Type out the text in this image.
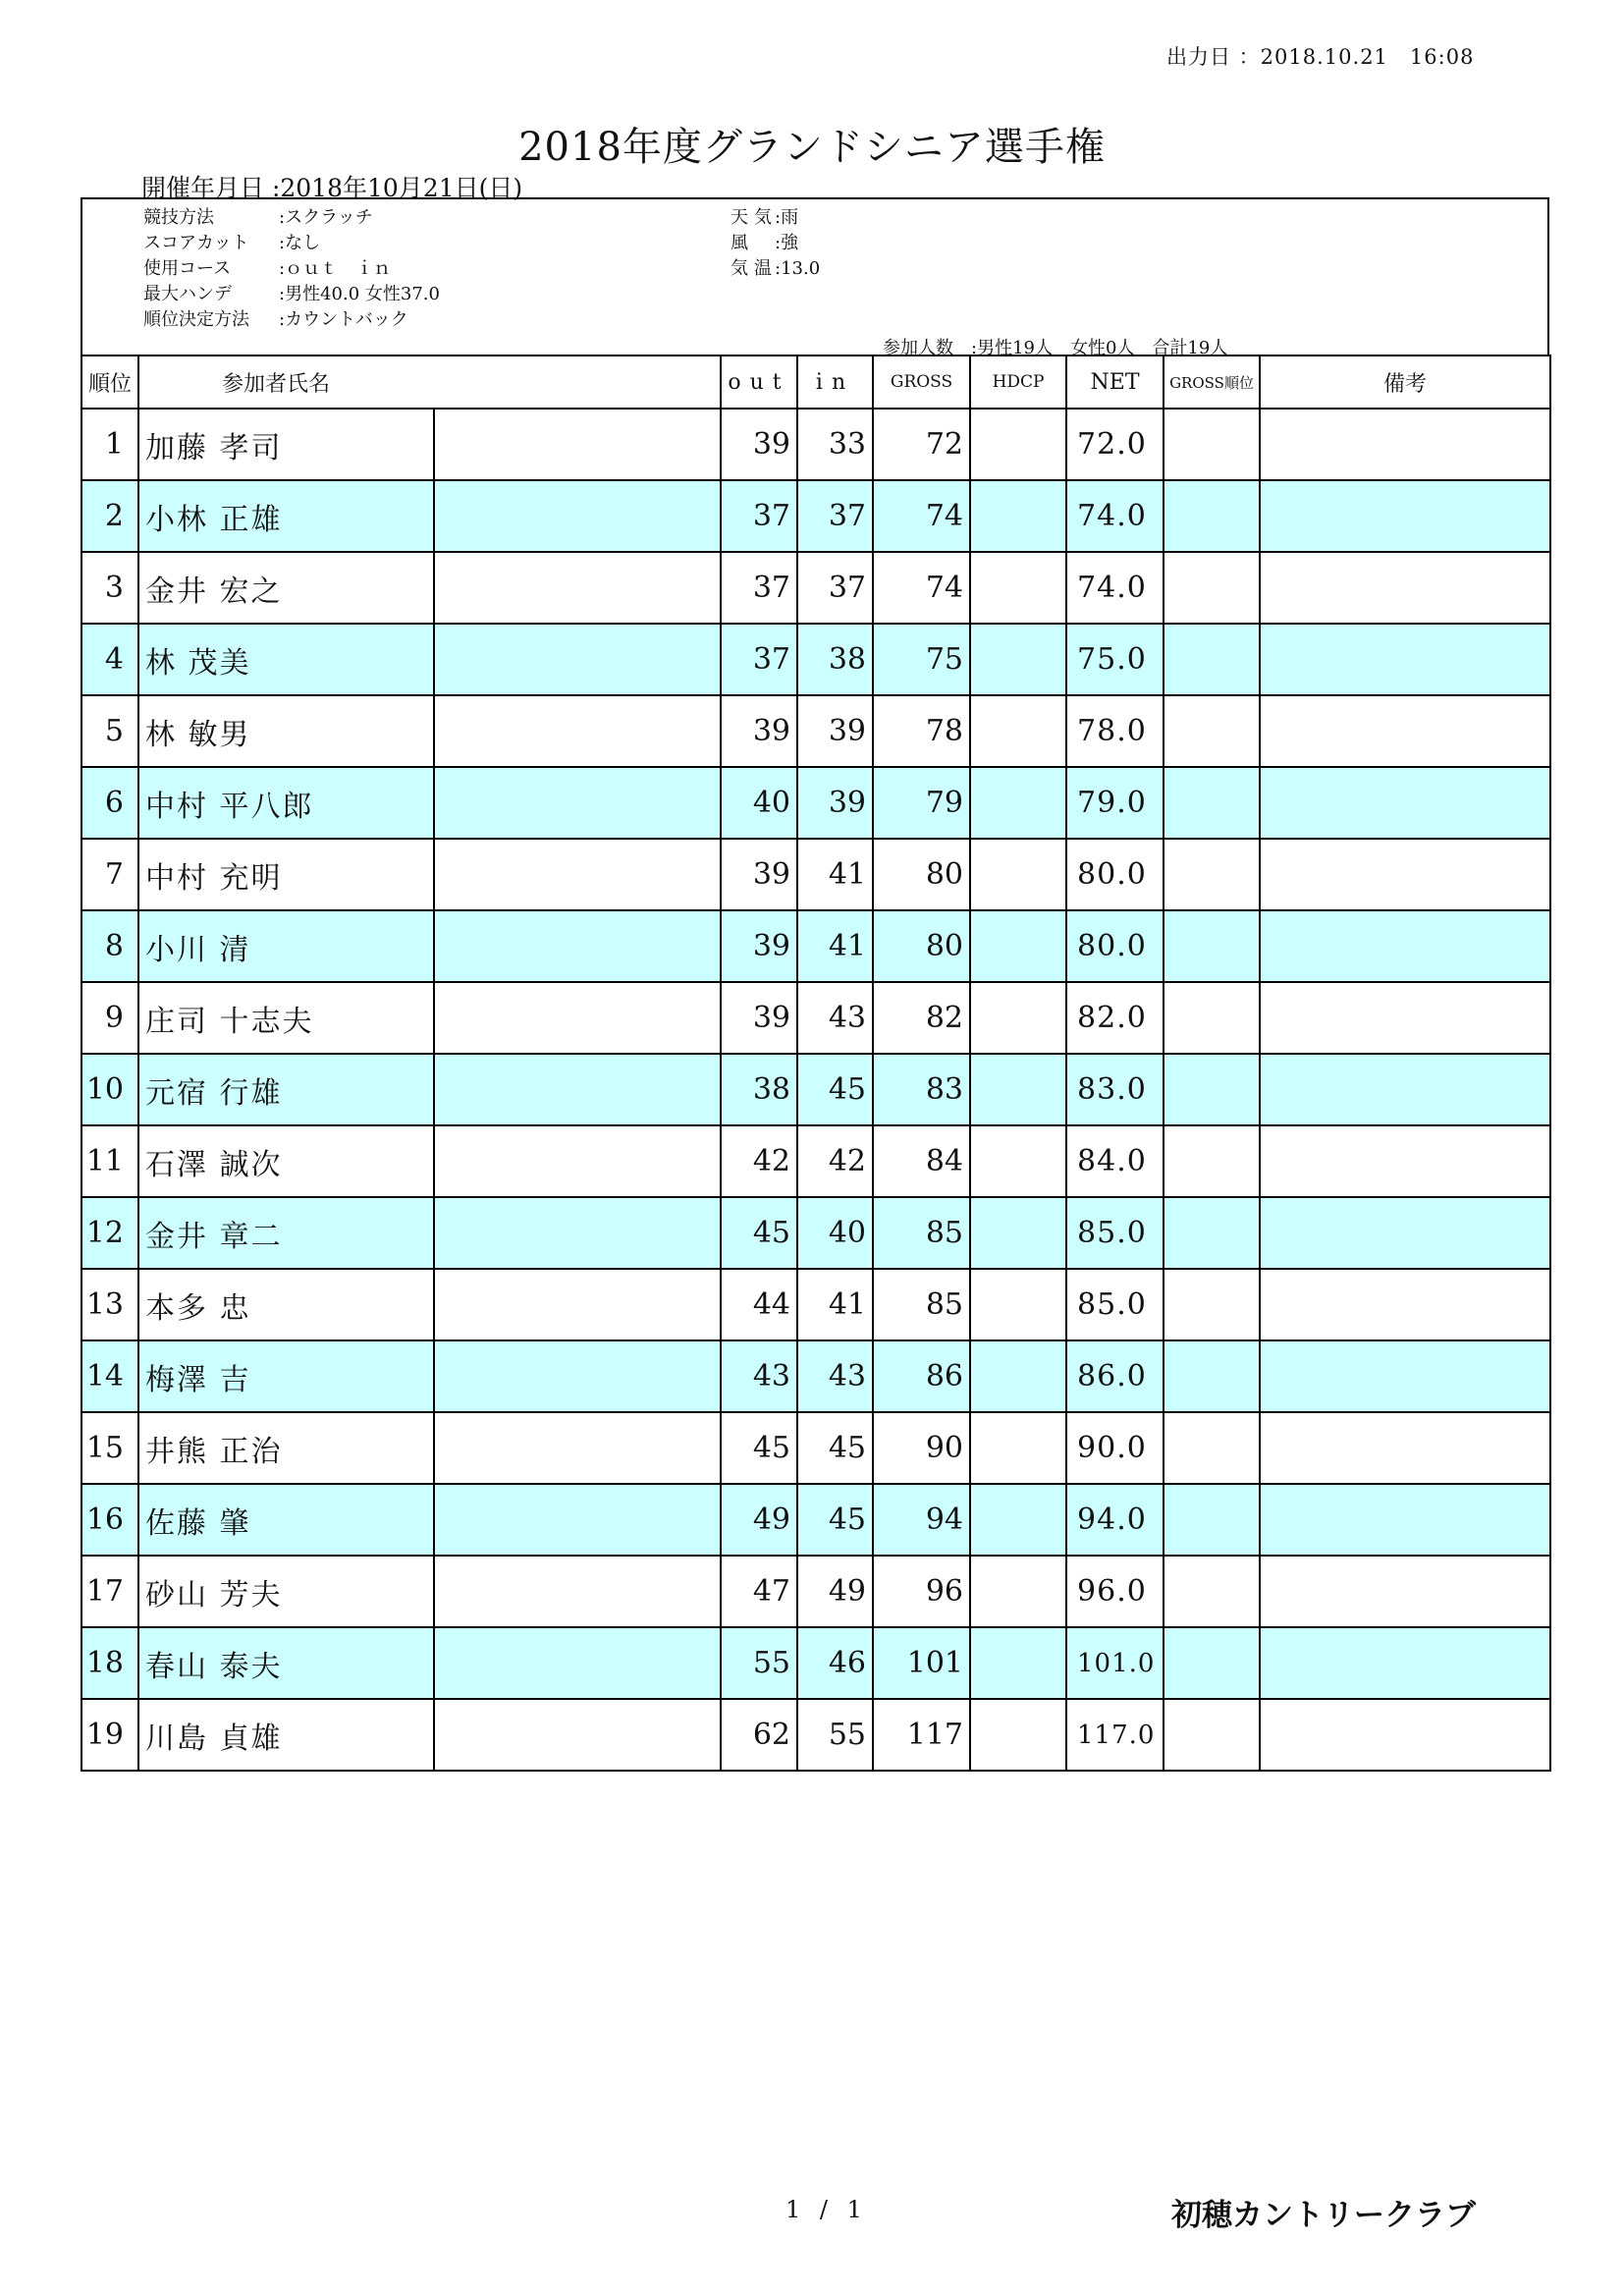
出力日 ：2018.10.21　16:08
2018年度グランドシニア選手権
開催年月日 :2018年10月21日(日)
競技方法	:スクラッチ
スコアカット :なし
使用コース	:ｏｕｔ　ｉｎ
最大ハンデ	:男性40.0 女性37.0
順位決定方法 :カウントバック
天気:雨
風 :強
気温:13.0
参加人数　:男性19人　女性0人　合計19人
順位	参加者氏名		out	in	GROSS	HDCP	NET	GROSS順位	備考
1	加藤 孝司		39	33	72		72.0		
2	小林 正雄		37	37	74		74.0		
3	金井 宏之		37	37	74		74.0		
4	林 茂美		37	38	75		75.0		
5	林 敏男		39	39	78		78.0		
6	中村 平八郎		40	39	79		79.0		
7	中村 充明		39	41	80		80.0		
8	小川 清		39	41	80		80.0		
9	庄司 十志夫		39	43	82		82.0		
10	元宿 行雄		38	45	83		83.0		
11	石澤 誠次		42	42	84		84.0		
12	金井 章二		45	40	85		85.0		
13	本多 忠		44	41	85		85.0		
14	梅澤 吉		43	43	86		86.0		
15	井熊 正治		45	45	90		90.0		
16	佐藤 肇		49	45	94		94.0		
17	砂山 芳夫		47	49	96		96.0		
18	春山 泰夫		55	46	101		101.0		
19	川島 貞雄		62	55	117		117.0		
1 / 1	初穂カントリークラブ
